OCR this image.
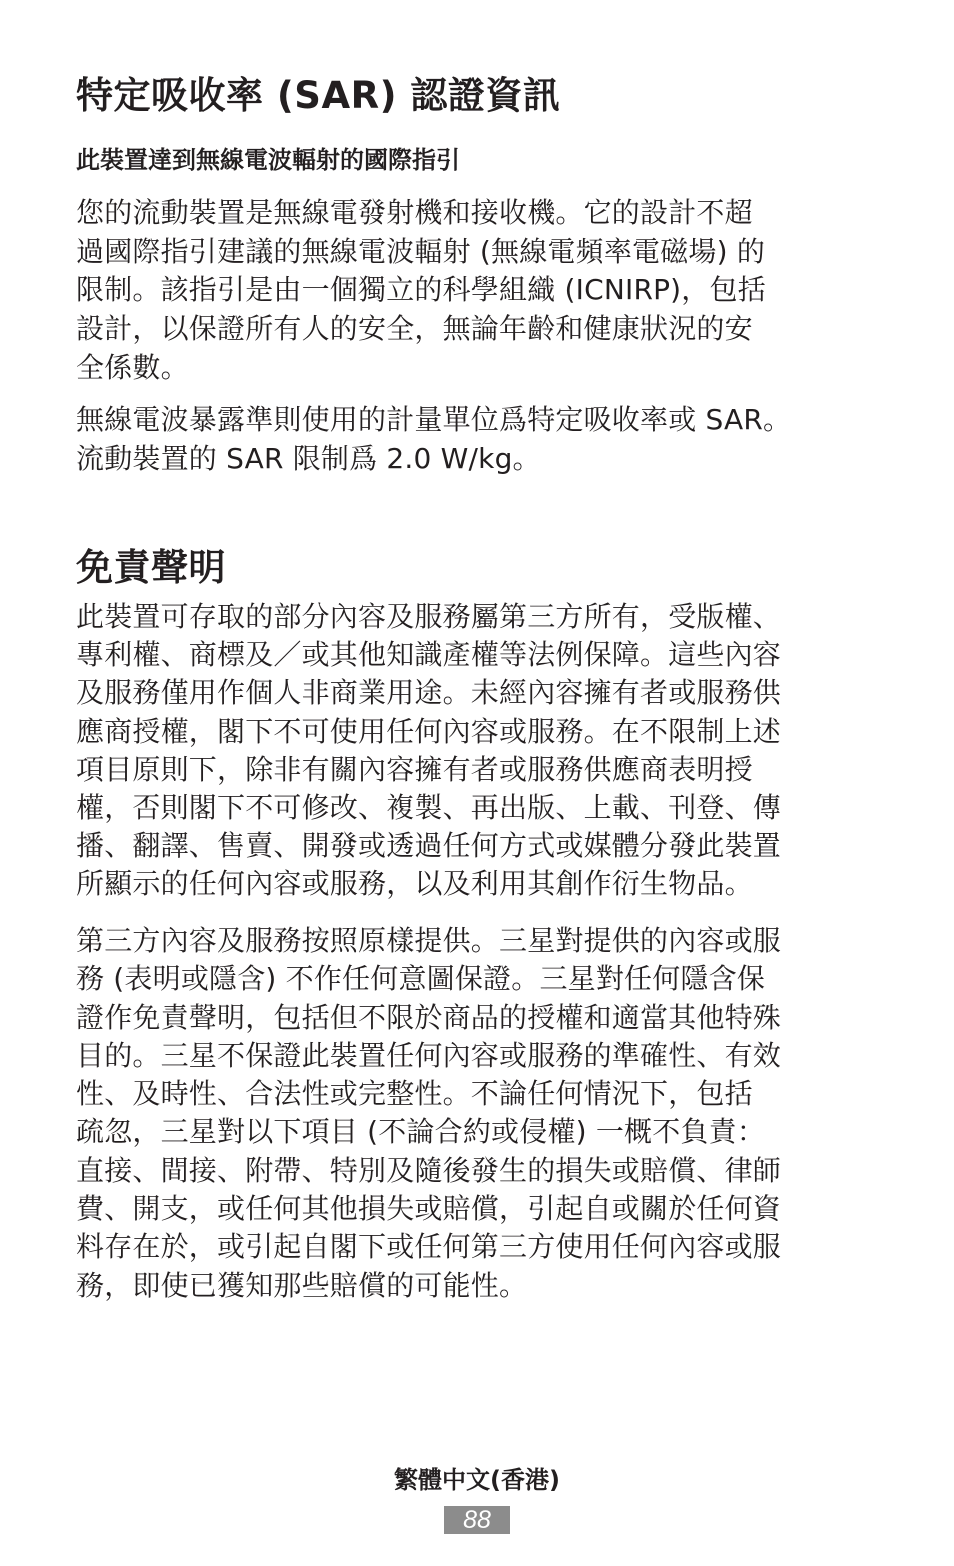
特定吸收率 (SAR) 認證資訊
此裝置達到無線電波輻射的國際指引
您的流動裝置是無線電發射機和接收機。它的設計不超
過國際指引建議的無線電波輻射 (無線電頻率電磁場) 的
限制。該指引是由一個獨立的科學組織 (ICNIRP)，包括
設計，以保證所有人的安全，無論年齡和健康狀況的安
全係數。
無線電波暴露準則使用的計量單位爲特定吸收率或 SAR。
流動裝置的 SAR 限制爲 2.0 W/kg。
免責聲明
此裝置可存取的部分內容及服務屬第三方所有，受版權、
專利權、商標及／或其他知識產權等法例保障。這些內容
及服務僅用作個人非商業用途。未經內容擁有者或服務供
應商授權，閣下不可使用任何內容或服務。在不限制上述
項目原則下，除非有關內容擁有者或服務供應商表明授
權，否則閣下不可修改、複製、再出版、上載、刊登、傳
播、翻譯、售賣、開發或透過任何方式或媒體分發此裝置
所顯示的任何內容或服務，以及利用其創作衍生物品。
第三方內容及服務按照原樣提供。三星對提供的內容或服
務 (表明或隱含) 不作任何意圖保證。三星對任何隱含保
證作免責聲明，包括但不限於商品的授權和適當其他特殊
目的。三星不保證此裝置任何內容或服務的準確性、有效
性、及時性、合法性或完整性。不論任何情況下，包括
疏忽，三星對以下項目 (不論合約或侵權) 一概不負責：
直接、間接、附帶、特別及隨後發生的損失或賠償、律師
費、開支，或任何其他損失或賠償，引起自或關於任何資
料存在於，或引起自閣下或任何第三方使用任何內容或服
務，即使已獲知那些賠償的可能性。
繁體中文(香港)
88
